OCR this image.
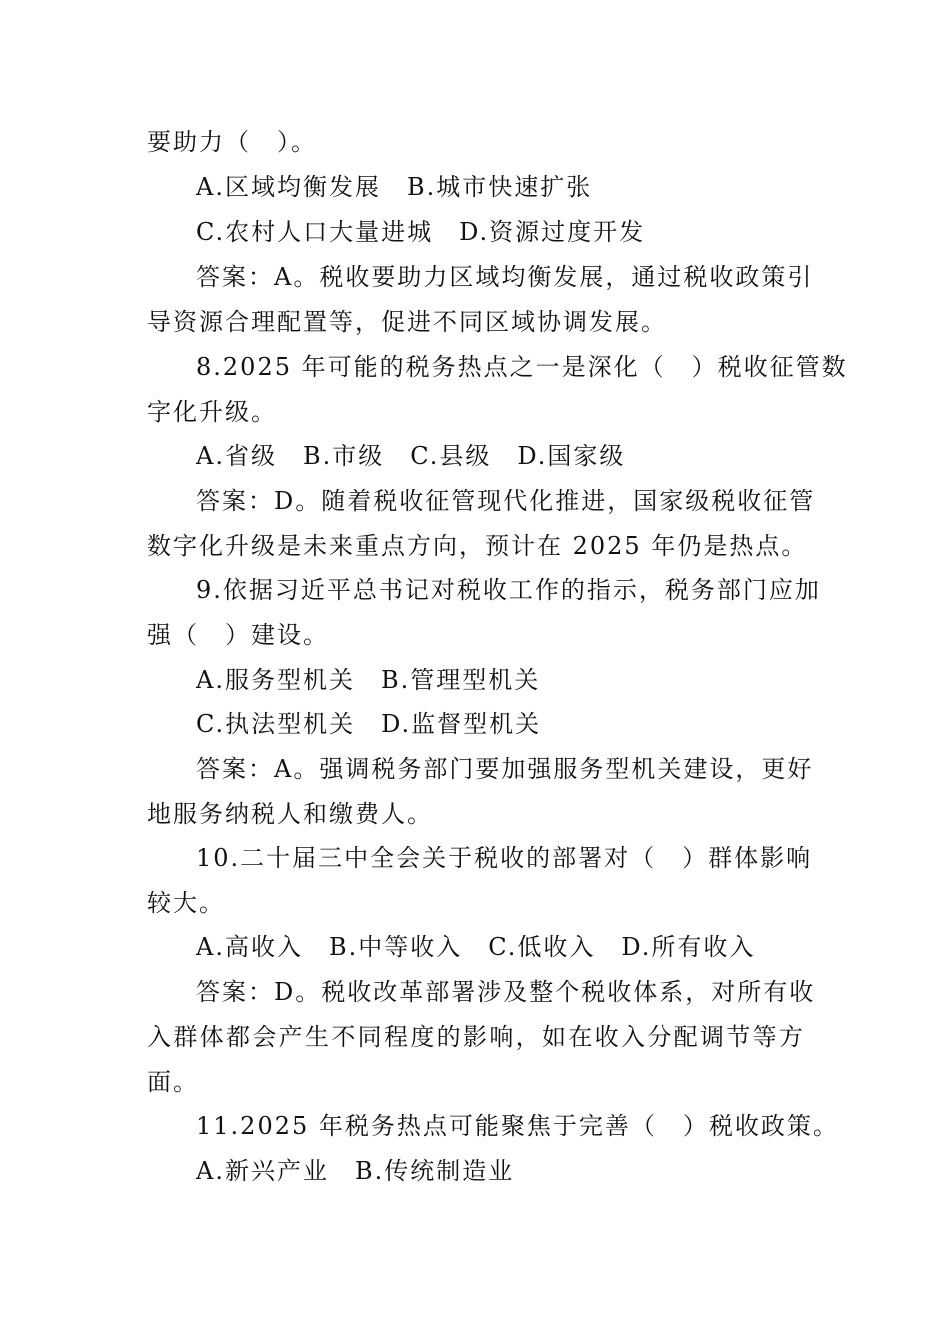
要助力（　）。
A.区域均衡发展 B.城市快速扩张
C.农村人口大量进城 D.资源过度开发
答案：A。税收要助力区域均衡发展，通过税收政策引
导资源合理配置等，促进不同区域协调发展。
8.2025 年可能的税务热点之一是深化（　）税收征管数
字化升级。
A.省级 B.市级 C.县级 D.国家级
答案：D。随着税收征管现代化推进，国家级税收征管
数字化升级是未来重点方向，预计在 2025 年仍是热点。
9.依据习近平总书记对税收工作的指示，税务部门应加
强（　）建设。
A.服务型机关 B.管理型机关
C.执法型机关 D.监督型机关
答案：A。强调税务部门要加强服务型机关建设，更好
地服务纳税人和缴费人。
10.二十届三中全会关于税收的部署对（　）群体影响
较大。
A.高收入 B.中等收入 C.低收入 D.所有收入
答案：D。税收改革部署涉及整个税收体系，对所有收
入群体都会产生不同程度的影响，如在收入分配调节等方
面。
11.2025 年税务热点可能聚焦于完善（　）税收政策。
A.新兴产业 B.传统制造业
